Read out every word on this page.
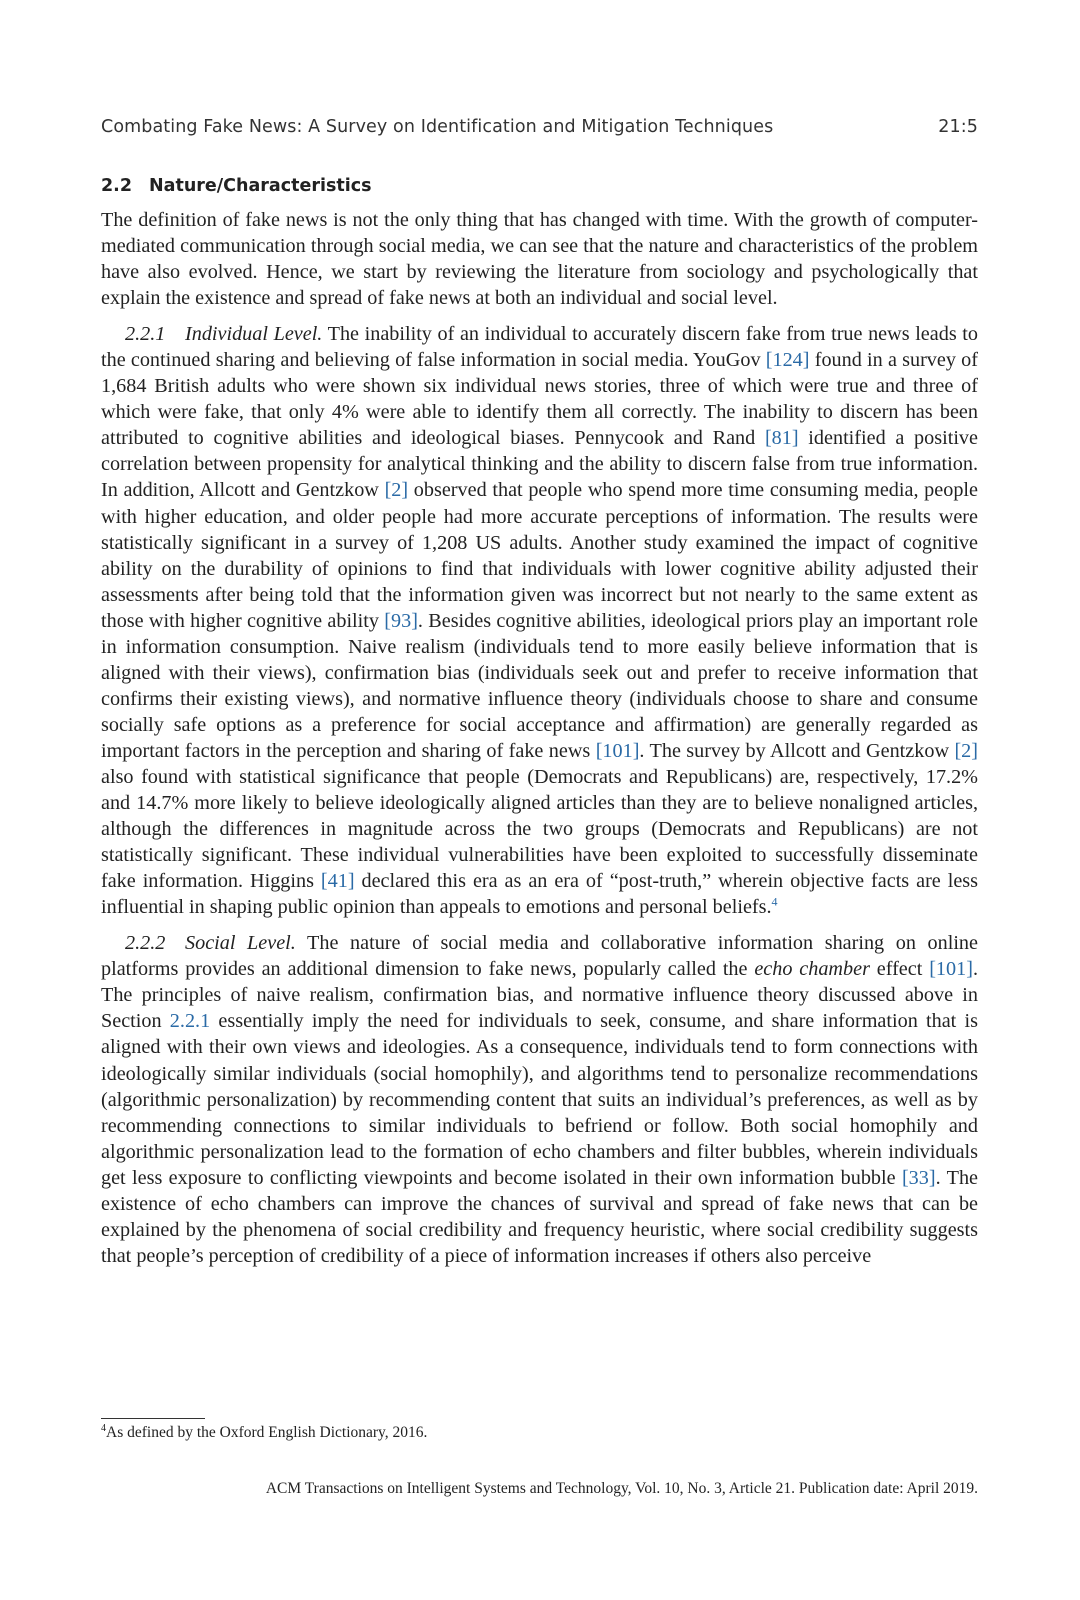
Combating Fake News: A Survey on Identification and Mitigation Techniques	21:5
2.2 Nature/Characteristics

The definition of fake news is not the only thing that has changed with time. With the growth of computer-mediated communication through social media, we can see that the nature and characteristics of the problem have also evolved. Hence, we start by reviewing the literature from sociology and psychologically that explain the existence and spread of fake news at both an individual and social level.

2.2.1 Individual Level. The inability of an individual to accurately discern fake from true news leads to the continued sharing and believing of false information in social media. YouGov [124] found in a survey of 1,684 British adults who were shown six individual news stories, three of which were true and three of which were fake, that only 4% were able to identify them all correctly. The inability to discern has been attributed to cognitive abilities and ideological biases. Pennycook and Rand [81] identified a positive correlation between propensity for analytical thinking and the ability to discern false from true information. In addition, Allcott and Gentzkow [2] observed that people who spend more time consuming media, people with higher education, and older people had more accurate perceptions of information. The results were statistically significant in a survey of 1,208 US adults. Another study examined the impact of cognitive ability on the durability of opinions to find that individuals with lower cognitive ability adjusted their assessments after being told that the information given was incorrect but not nearly to the same extent as those with higher cognitive ability [93]. Besides cognitive abilities, ideological priors play an important role in information consumption. Naive realism (individuals tend to more easily believe information that is aligned with their views), confirmation bias (individuals seek out and prefer to receive information that confirms their existing views), and normative influence theory (individuals choose to share and consume socially safe options as a preference for social acceptance and affirmation) are generally regarded as important factors in the perception and sharing of fake news [101]. The survey by Allcott and Gentzkow [2] also found with statistical significance that people (Democrats and Republicans) are, respectively, 17.2% and 14.7% more likely to believe ideologically aligned articles than they are to believe nonaligned articles, although the differences in magnitude across the two groups (Democrats and Republicans) are not statistically significant. These individual vulnerabilities have been exploited to successfully disseminate fake information. Higgins [41] declared this era as an era of “post-truth,” wherein objective facts are less influential in shaping public opinion than appeals to emotions and personal beliefs.$^4$

2.2.2 Social Level. The nature of social media and collaborative information sharing on online platforms provides an additional dimension to fake news, popularly called the echo chamber effect [101]. The principles of naive realism, confirmation bias, and normative influence theory discussed above in Section 2.2.1 essentially imply the need for individuals to seek, consume, and share information that is aligned with their own views and ideologies. As a consequence, individuals tend to form connections with ideologically similar individuals (social homophily), and algorithms tend to personalize recommendations (algorithmic personalization) by recommending content that suits an individual’s preferences, as well as by recommending connections to similar individuals to befriend or follow. Both social homophily and algorithmic personalization lead to the formation of echo chambers and filter bubbles, wherein individuals get less exposure to conflicting viewpoints and become isolated in their own information bubble [33]. The existence of echo chambers can improve the chances of survival and spread of fake news that can be explained by the phenomena of social credibility and frequency heuristic, where social credibility suggests that people’s perception of credibility of a piece of information increases if others also perceive

$^4$As defined by the Oxford English Dictionary, 2016.
ACM Transactions on Intelligent Systems and Technology, Vol. 10, No. 3, Article 21. Publication date: April 2019.
